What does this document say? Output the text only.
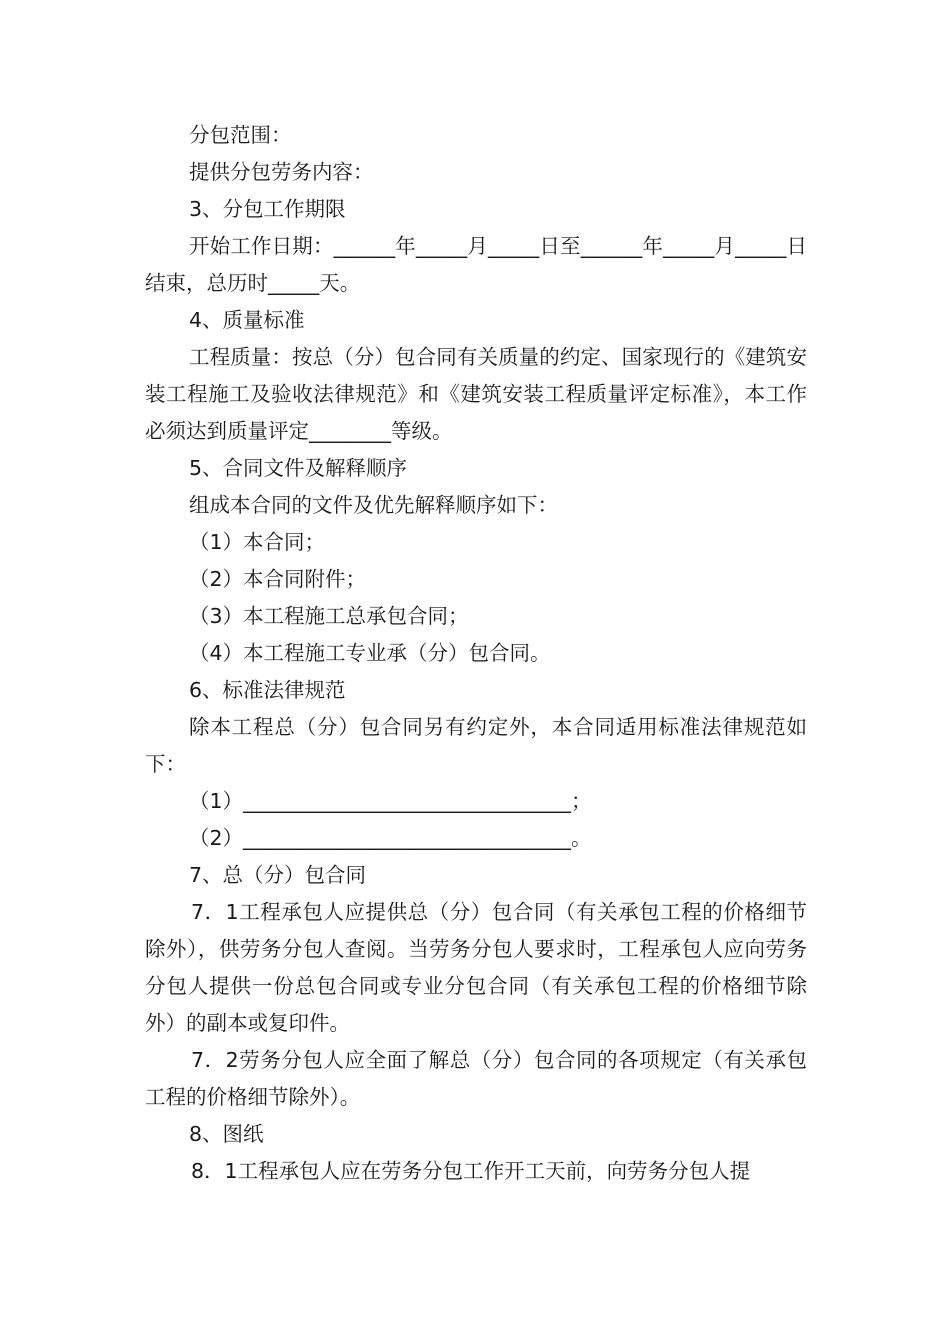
分包范围：

提供分包劳务内容：

3、分包工作期限

开始工作日期：______年_____月_____日至______年_____月_____日结束，总历时_____天。

4、质量标准

工程质量：按总（分）包合同有关质量的约定、国家现行的《建筑安装工程施工及验收法律规范》和《建筑安装工程质量评定标准》，本工作必须达到质量评定________等级。

5、合同文件及解释顺序

组成本合同的文件及优先解释顺序如下：

（1）本合同；

（2）本合同附件；

（3）本工程施工总承包合同；

（4）本工程施工专业承（分）包合同。

6、标准法律规范

除本工程总（分）包合同另有约定外，本合同适用标准法律规范如下：

（1）________________________________；

（2）________________________________。

7、总（分）包合同

7．1工程承包人应提供总（分）包合同（有关承包工程的价格细节除外），供劳务分包人查阅。当劳务分包人要求时，工程承包人应向劳务分包人提供一份总包合同或专业分包合同（有关承包工程的价格细节除外）的副本或复印件。

7．2劳务分包人应全面了解总（分）包合同的各项规定（有关承包工程的价格细节除外）。

8、图纸

8．1工程承包人应在劳务分包工作开工天前，向劳务分包人提
